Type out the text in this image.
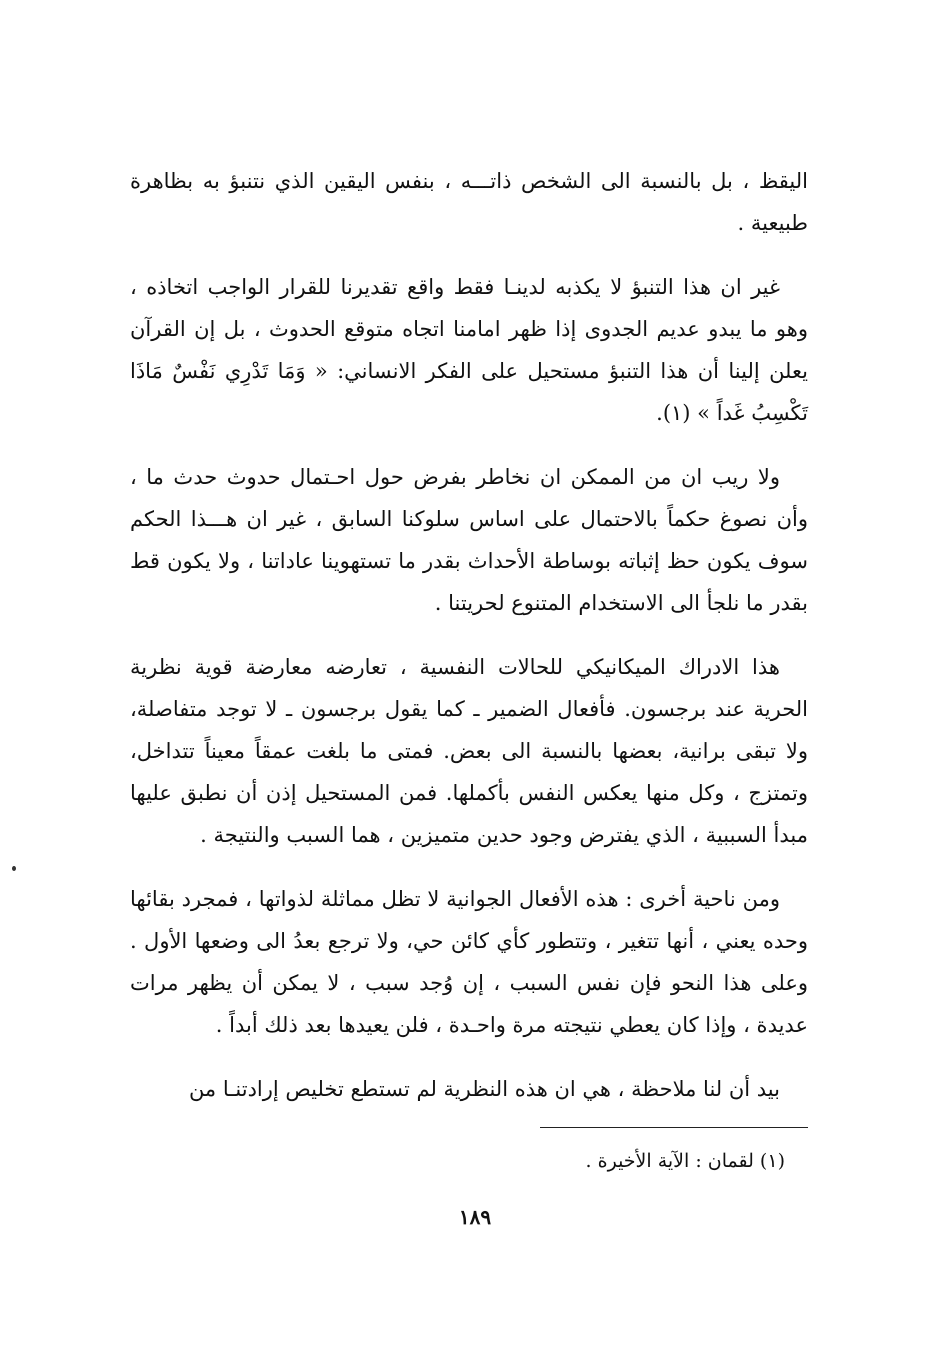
اليقظ ، بل بالنسبة الى الشخص ذاتـــه ، بنفس اليقين الذي نتنبؤ به بظاهرة طبيعية .

غير ان هذا التنبؤ لا يكذبه لدينـا فقط واقع تقديرنا للقرار الواجب اتخاذه ، وهو ما يبدو عديم الجدوى إذا ظهر امامنا اتجاه متوقع الحدوث ، بل إن القرآن يعلن إلينا أن هذا التنبؤ مستحيل على الفكر الانساني: « وَمَا تَدْرِي نَفْسٌ مَاذَا تَكْسِبُ غَداً » (١).

ولا ريب ان من الممكن ان نخاطر بفرض حول احـتمال حدوث حدث ما ، وأن نصوغ حكماً بالاحتمال على اساس سلوكنا السابق ، غير ان هـــذا الحكم سوف يكون حظ إثباته بوساطة الأحداث بقدر ما تستهوينا عاداتنا ، ولا يكون قط بقدر ما نلجأ الى الاستخدام المتنوع لحريتنا .

هذا الادراك الميكانيكي للحالات النفسية ، تعارضه معارضة قوية نظرية الحرية عند برجسون. فأفعال الضمير ـ كما يقول برجسون ـ لا توجد متفاصلة، ولا تبقى برانية، بعضها بالنسبة الى بعض. فمتى ما بلغت عمقاً معيناً تتداخل، وتمتزج ، وكل منها يعكس النفس بأكملها. فمن المستحيل إذن أن نطبق عليها مبدأ السببية ، الذي يفترض وجود حدين متميزين ، هما السبب والنتيجة .

ومن ناحية أخرى : هذه الأفعال الجوانية لا تظل مماثلة لذواتها ، فمجرد بقائها وحده يعني ، أنها تتغير ، وتتطور كأي كائن حي، ولا ترجع بعدُ الى وضعها الأول . وعلى هذا النحو فإن نفس السبب ، إن وُجد سبب ، لا يمكن أن يظهر مرات عديدة ، وإذا كان يعطي نتيجته مرة واحـدة ، فلن يعيدها بعد ذلك أبداً .

بيد أن لنا ملاحظة ، هي ان هذه النظرية لم تستطع تخليص إرادتنـا من

(١) لقمان : الآية الأخيرة .
١٨٩
